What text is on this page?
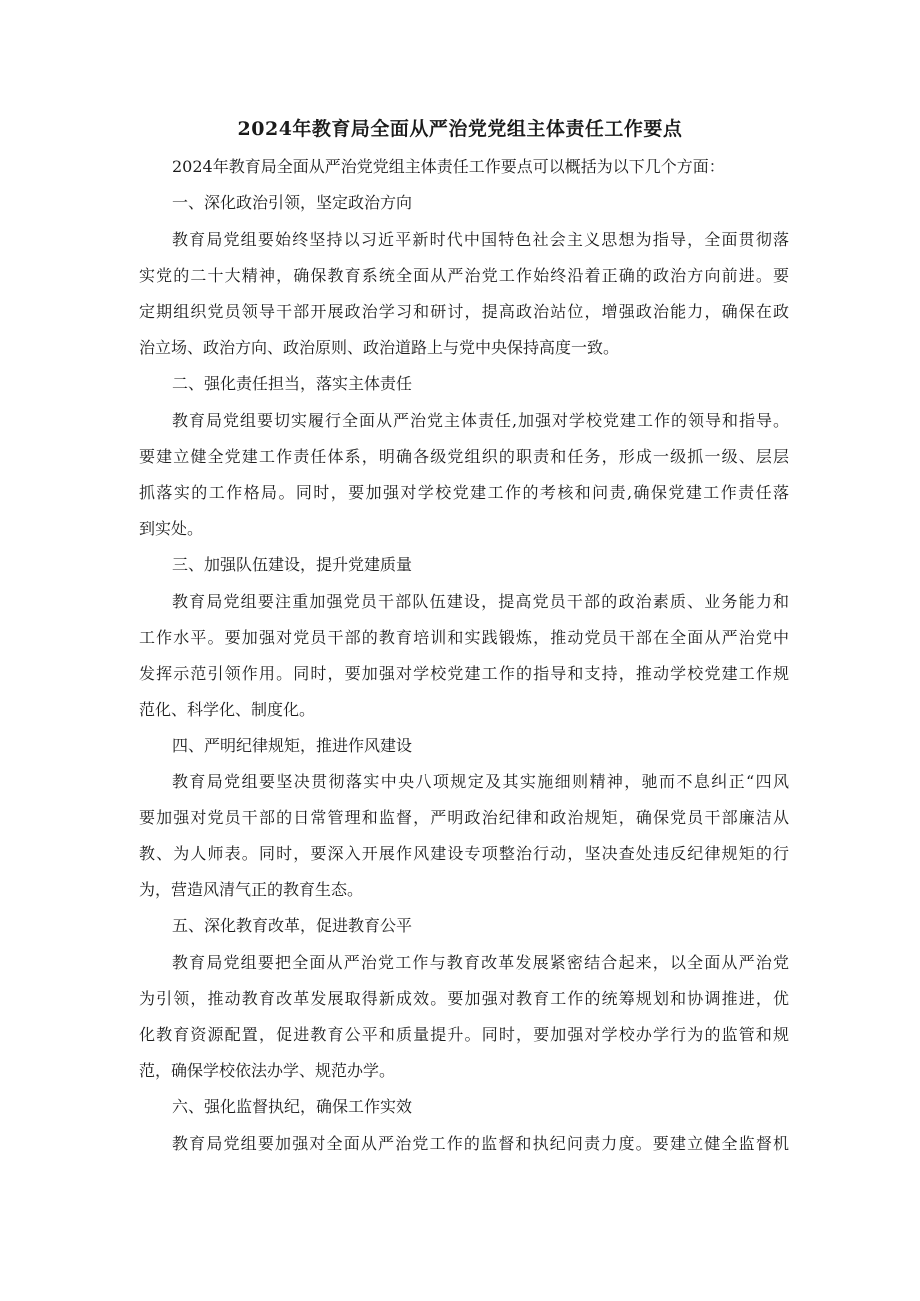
2024年教育局全面从严治党党组主体责任工作要点
2024年教育局全面从严治党党组主体责任工作要点可以概括为以下几个方面：
一、深化政治引领，坚定政治方向
教育局党组要始终坚持以习近平新时代中国特色社会主义思想为指导，全面贯彻落
实党的二十大精神，确保教育系统全面从严治党工作始终沿着正确的政治方向前进。要
定期组织党员领导干部开展政治学习和研讨，提高政治站位，增强政治能力，确保在政
治立场、政治方向、政治原则、政治道路上与党中央保持高度一致。
二、强化责任担当，落实主体责任
教育局党组要切实履行全面从严治党主体责任,加强对学校党建工作的领导和指导。
要建立健全党建工作责任体系，明确各级党组织的职责和任务，形成一级抓一级、层层
抓落实的工作格局。同时，要加强对学校党建工作的考核和问责,确保党建工作责任落
到实处。
三、加强队伍建设，提升党建质量
教育局党组要注重加强党员干部队伍建设，提高党员干部的政治素质、业务能力和
工作水平。要加强对党员干部的教育培训和实践锻炼，推动党员干部在全面从严治党中
发挥示范引领作用。同时，要加强对学校党建工作的指导和支持，推动学校党建工作规
范化、科学化、制度化。
四、严明纪律规矩，推进作风建设
教育局党组要坚决贯彻落实中央八项规定及其实施细则精神，驰而不息纠正“四风
要加强对党员干部的日常管理和监督，严明政治纪律和政治规矩，确保党员干部廉洁从
教、为人师表。同时，要深入开展作风建设专项整治行动，坚决查处违反纪律规矩的行
为，营造风清气正的教育生态。
五、深化教育改革，促进教育公平
教育局党组要把全面从严治党工作与教育改革发展紧密结合起来，以全面从严治党
为引领，推动教育改革发展取得新成效。要加强对教育工作的统筹规划和协调推进，优
化教育资源配置，促进教育公平和质量提升。同时，要加强对学校办学行为的监管和规
范，确保学校依法办学、规范办学。
六、强化监督执纪，确保工作实效
教育局党组要加强对全面从严治党工作的监督和执纪问责力度。要建立健全监督机
